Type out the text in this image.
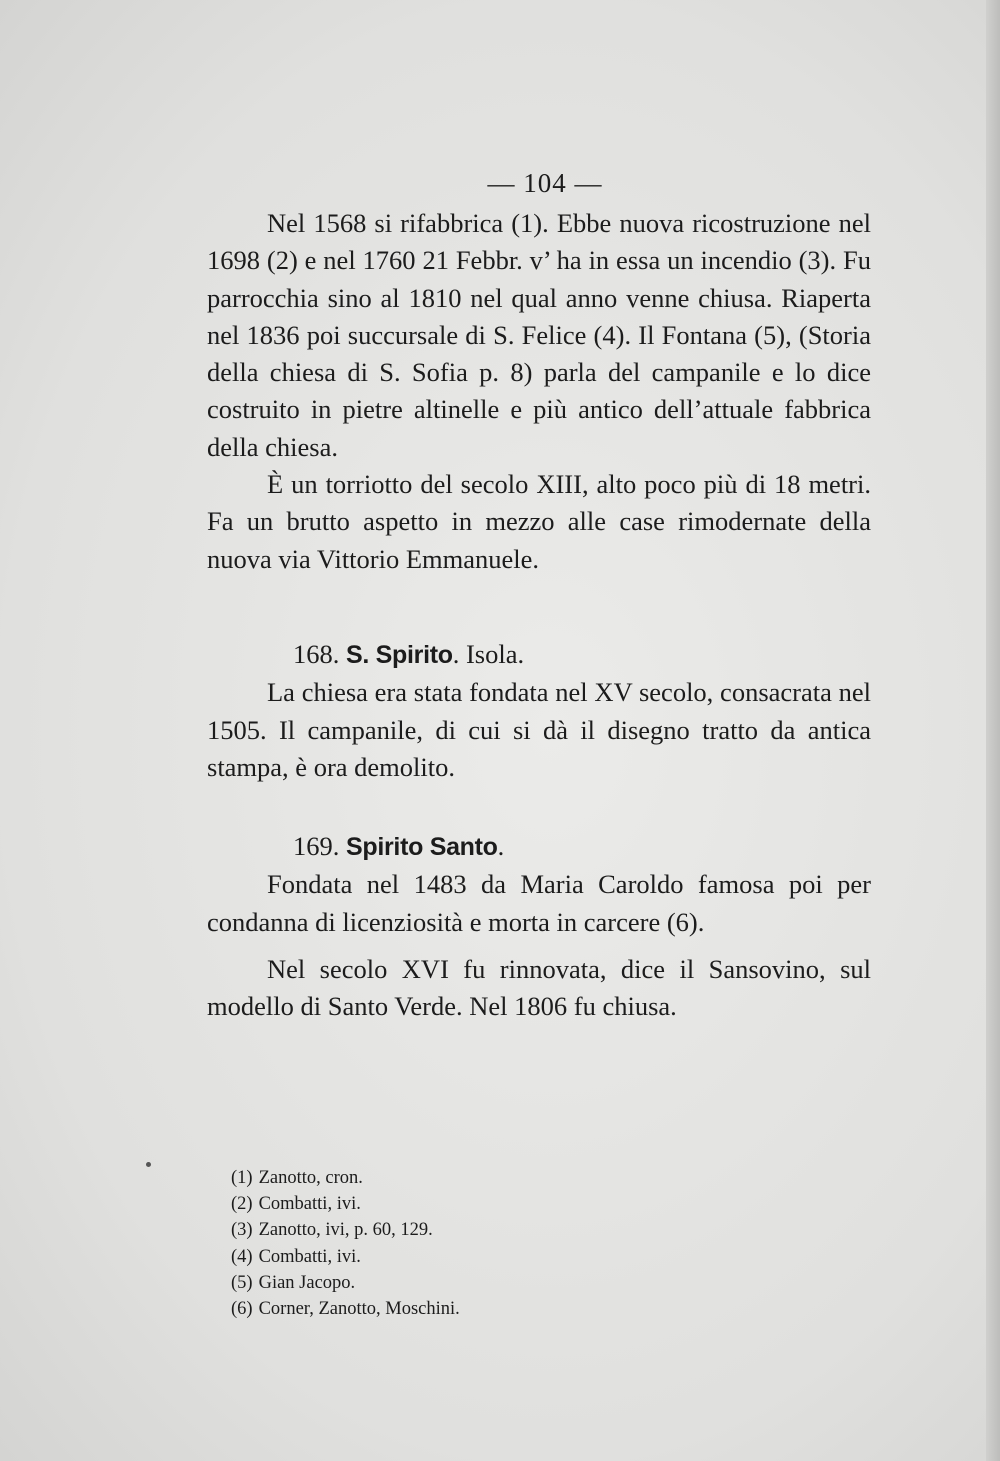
— 104 —

Nel 1568 si rifabbrica (1). Ebbe nuova ricostruzione nel 1698 (2) e nel 1760 21 Febbr. v’ ha in essa un incendio (3). Fu parrocchia sino al 1810 nel qual anno venne chiusa. Riaperta nel 1836 poi succursale di S. Felice (4). Il Fontana (5), (Storia della chiesa di S. Sofia p. 8) parla del campanile e lo dice costruito in pietre altinelle e più antico dell’attuale fabbrica della chiesa.

È un torriotto del secolo XIII, alto poco più di 18 metri. Fa un brutto aspetto in mezzo alle case rimodernate della nuova via Vittorio Emmanuele.

168. S. Spirito. Isola.

La chiesa era stata fondata nel XV secolo, consacrata nel 1505. Il campanile, di cui si dà il disegno tratto da antica stampa, è ora demolito.

169. Spirito Santo.

Fondata nel 1483 da Maria Caroldo famosa poi per condanna di licenziosità e morta in carcere (6).

Nel secolo XVI fu rinnovata, dice il Sansovino, sul modello di Santo Verde. Nel 1806 fu chiusa.

(1) Zanotto, cron.
(2) Combatti, ivi.
(3) Zanotto, ivi, p. 60, 129.
(4) Combatti, ivi.
(5) Gian Jacopo.
(6) Corner, Zanotto, Moschini.
